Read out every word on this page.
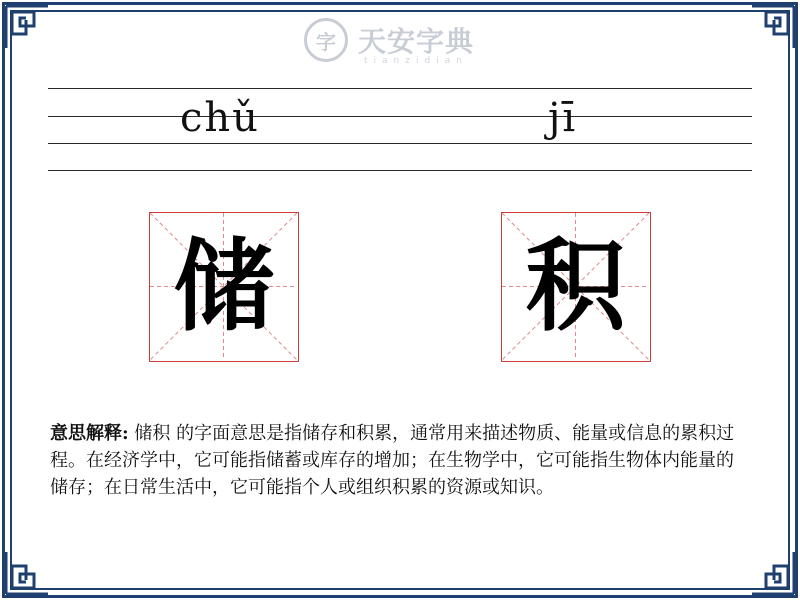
字 天安字典
tianzidian
chǔ	jī
储	积
意思解释: 储积 的字面意思是指储存和积累，通常用来描述物质、能量或信息的累积过程。在经济学中，它可能指储蓄或库存的增加；在生物学中，它可能指生物体内能量的储存；在日常生活中，它可能指个人或组织积累的资源或知识。
